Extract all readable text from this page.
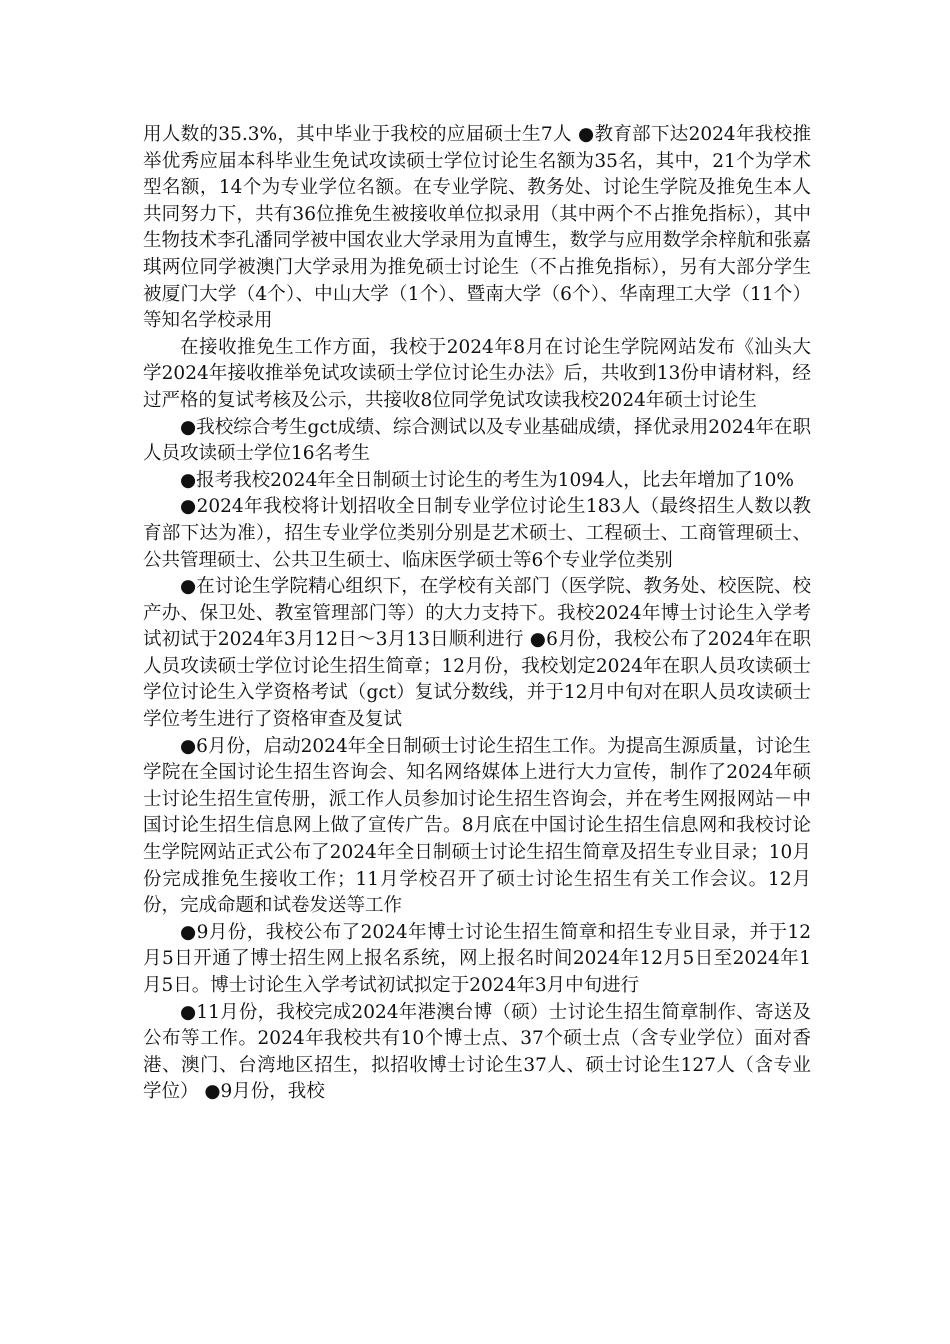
用人数的35.3%，其中毕业于我校的应届硕士生7人 ●教育部下达2024年我校推举优秀应届本科毕业生免试攻读硕士学位讨论生名额为35名，其中，21个为学术型名额，14个为专业学位名额。在专业学院、教务处、讨论生学院及推免生本人共同努力下，共有36位推免生被接收单位拟录用（其中两个不占推免指标），其中生物技术李孔潘同学被中国农业大学录用为直博生，数学与应用数学余梓航和张嘉琪两位同学被澳门大学录用为推免硕士讨论生（不占推免指标），另有大部分学生被厦门大学（4个）、中山大学（1个）、暨南大学（6个）、华南理工大学（11个）等知名学校录用

在接收推免生工作方面，我校于2024年8月在讨论生学院网站发布《汕头大学2024年接收推举免试攻读硕士学位讨论生办法》后，共收到13份申请材料，经过严格的复试考核及公示，共接收8位同学免试攻读我校2024年硕士讨论生

●我校综合考生gct成绩、综合测试以及专业基础成绩，择优录用2024年在职人员攻读硕士学位16名考生

●报考我校2024年全日制硕士讨论生的考生为1094人，比去年增加了10%

●2024年我校将计划招收全日制专业学位讨论生183人（最终招生人数以教育部下达为准），招生专业学位类别分别是艺术硕士、工程硕士、工商管理硕士、公共管理硕士、公共卫生硕士、临床医学硕士等6个专业学位类别

●在讨论生学院精心组织下，在学校有关部门（医学院、教务处、校医院、校产办、保卫处、教室管理部门等）的大力支持下。我校2024年博士讨论生入学考试初试于2024年3月12日～3月13日顺利进行 ●6月份，我校公布了2024年在职人员攻读硕士学位讨论生招生简章；12月份，我校划定2024年在职人员攻读硕士学位讨论生入学资格考试（gct）复试分数线，并于12月中旬对在职人员攻读硕士学位考生进行了资格审查及复试

●6月份，启动2024年全日制硕士讨论生招生工作。为提高生源质量，讨论生学院在全国讨论生招生咨询会、知名网络媒体上进行大力宣传，制作了2024年硕士讨论生招生宣传册，派工作人员参加讨论生招生咨询会，并在考生网报网站－中国讨论生招生信息网上做了宣传广告。8月底在中国讨论生招生信息网和我校讨论生学院网站正式公布了2024年全日制硕士讨论生招生简章及招生专业目录；10月份完成推免生接收工作；11月学校召开了硕士讨论生招生有关工作会议。12月份，完成命题和试卷发送等工作

●9月份，我校公布了2024年博士讨论生招生简章和招生专业目录，并于12月5日开通了博士招生网上报名系统，网上报名时间2024年12月5日至2024年1月5日。博士讨论生入学考试初试拟定于2024年3月中旬进行

●11月份，我校完成2024年港澳台博（硕）士讨论生招生简章制作、寄送及公布等工作。2024年我校共有10个博士点、37个硕士点（含专业学位）面对香港、澳门、台湾地区招生，拟招收博士讨论生37人、硕士讨论生127人（含专业学位） ●9月份，我校
